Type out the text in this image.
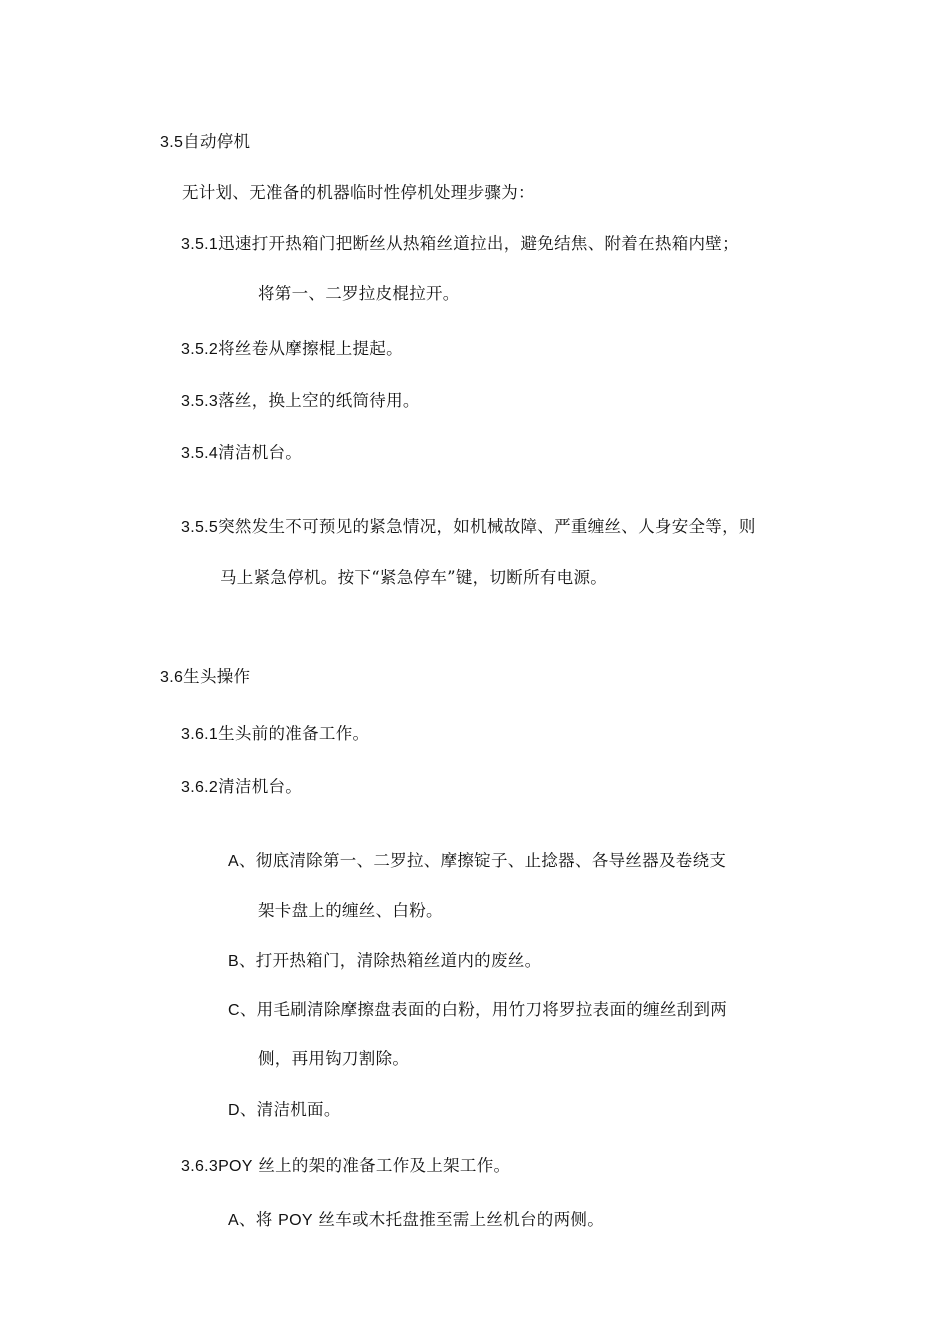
3.5自动停机
无计划、无准备的机器临时性停机处理步骤为：
3.5.1迅速打开热箱门把断丝从热箱丝道拉出，避免结焦、附着在热箱内壁；
将第一、二罗拉皮棍拉开。
3.5.2将丝卷从摩擦棍上提起。
3.5.3落丝，换上空的纸筒待用。
3.5.4清洁机台。
3.5.5突然发生不可预见的紧急情况，如机械故障、严重缠丝、人身安全等，则
马上紧急停机。按下“紧急停车”键，切断所有电源。
3.6生头操作
3.6.1生头前的准备工作。
3.6.2清洁机台。
A、彻底清除第一、二罗拉、摩擦锭子、止捻器、各导丝器及卷绕支
架卡盘上的缠丝、白粉。
B、打开热箱门，清除热箱丝道内的废丝。
C、用毛刷清除摩擦盘表面的白粉，用竹刀将罗拉表面的缠丝刮到两
侧，再用钩刀割除。
D、清洁机面。
3.6.3POY 丝上的架的准备工作及上架工作。
A、将 POY 丝车或木托盘推至需上丝机台的两侧。
